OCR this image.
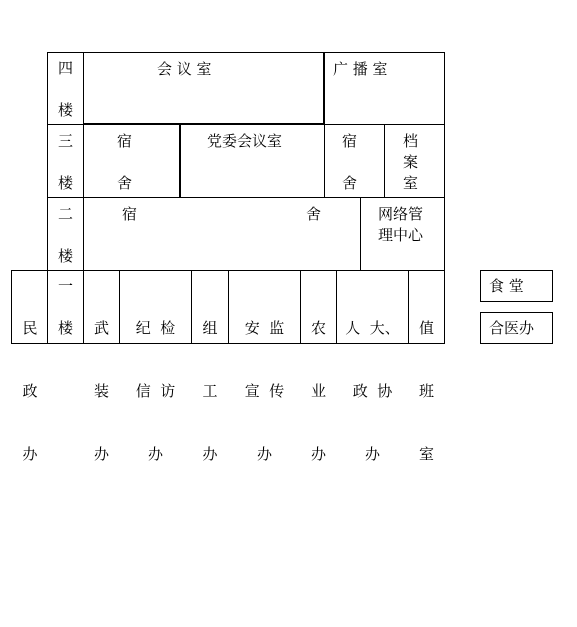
四
楼
三
楼
二
楼
一
楼
会 议 室	广 播 室
宿
舍
党委会议室	宿
舍
档
案
室
宿	舍	网络管
理中心

民

政

办

武

装

办

纪  检

信  访

办

组

工

办

安  监

宣  传

办

农

业

办

人  大、

政  协

办

值

班

室

食 堂
合医办
